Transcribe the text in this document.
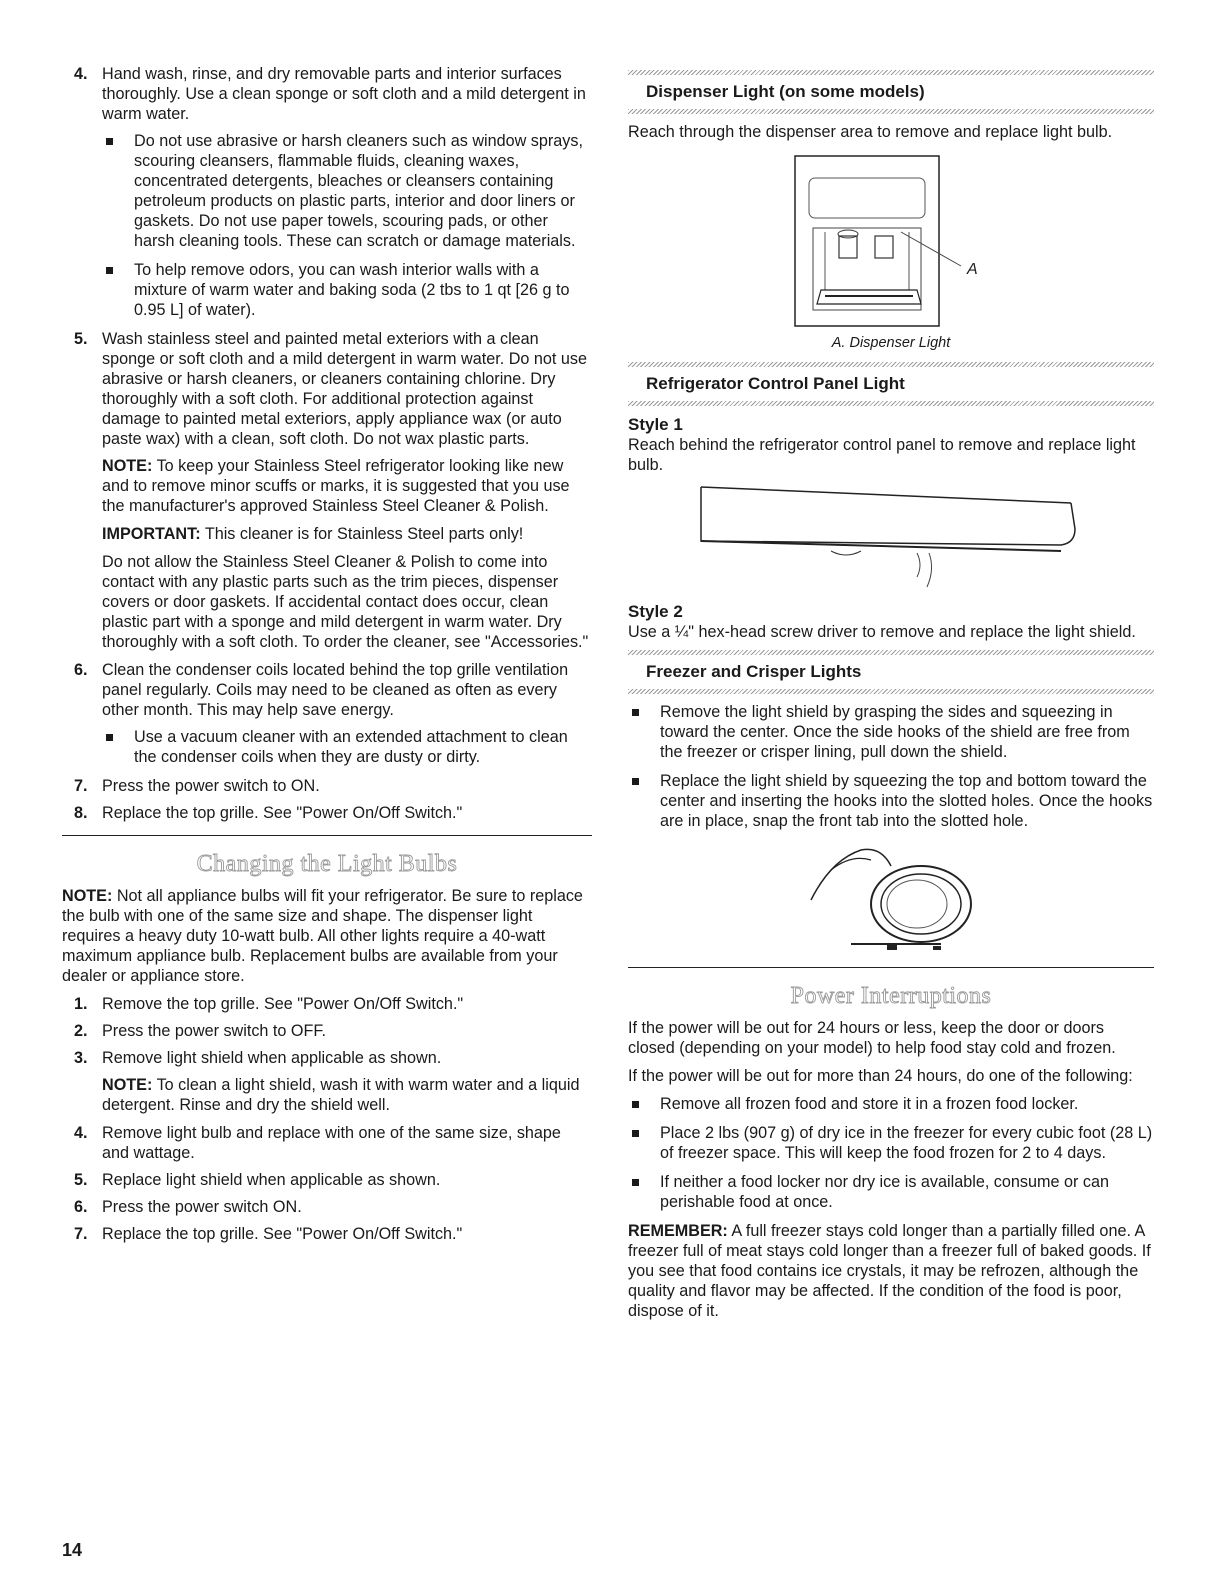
4. Hand wash, rinse, and dry removable parts and interior surfaces thoroughly. Use a clean sponge or soft cloth and a mild detergent in warm water.
Do not use abrasive or harsh cleaners such as window sprays, scouring cleansers, flammable fluids, cleaning waxes, concentrated detergents, bleaches or cleansers containing petroleum products on plastic parts, interior and door liners or gaskets. Do not use paper towels, scouring pads, or other harsh cleaning tools. These can scratch or damage materials.
To help remove odors, you can wash interior walls with a mixture of warm water and baking soda (2 tbs to 1 qt [26 g to 0.95 L] of water).
5. Wash stainless steel and painted metal exteriors with a clean sponge or soft cloth and a mild detergent in warm water. Do not use abrasive or harsh cleaners, or cleaners containing chlorine. Dry thoroughly with a soft cloth. For additional protection against damage to painted metal exteriors, apply appliance wax (or auto paste wax) with a clean, soft cloth. Do not wax plastic parts.
NOTE: To keep your Stainless Steel refrigerator looking like new and to remove minor scuffs or marks, it is suggested that you use the manufacturer's approved Stainless Steel Cleaner & Polish.
IMPORTANT: This cleaner is for Stainless Steel parts only!
Do not allow the Stainless Steel Cleaner & Polish to come into contact with any plastic parts such as the trim pieces, dispenser covers or door gaskets. If accidental contact does occur, clean plastic part with a sponge and mild detergent in warm water. Dry thoroughly with a soft cloth. To order the cleaner, see "Accessories."
6. Clean the condenser coils located behind the top grille ventilation panel regularly. Coils may need to be cleaned as often as every other month. This may help save energy.
Use a vacuum cleaner with an extended attachment to clean the condenser coils when they are dusty or dirty.
7. Press the power switch to ON.
8. Replace the top grille. See "Power On/Off Switch."
Changing the Light Bulbs
NOTE: Not all appliance bulbs will fit your refrigerator. Be sure to replace the bulb with one of the same size and shape. The dispenser light requires a heavy duty 10-watt bulb. All other lights require a 40-watt maximum appliance bulb. Replacement bulbs are available from your dealer or appliance store.
1. Remove the top grille. See "Power On/Off Switch."
2. Press the power switch to OFF.
3. Remove light shield when applicable as shown.
NOTE: To clean a light shield, wash it with warm water and a liquid detergent. Rinse and dry the shield well.
4. Remove light bulb and replace with one of the same size, shape and wattage.
5. Replace light shield when applicable as shown.
6. Press the power switch ON.
7. Replace the top grille. See "Power On/Off Switch."
Dispenser Light (on some models)
Reach through the dispenser area to remove and replace light bulb.
A
A. Dispenser Light
Refrigerator Control Panel Light
Style 1
Reach behind the refrigerator control panel to remove and replace light bulb.
Style 2
Use a ¼" hex-head screw driver to remove and replace the light shield.
Freezer and Crisper Lights
Remove the light shield by grasping the sides and squeezing in toward the center. Once the side hooks of the shield are free from the freezer or crisper lining, pull down the shield.
Replace the light shield by squeezing the top and bottom toward the center and inserting the hooks into the slotted holes. Once the hooks are in place, snap the front tab into the slotted hole.
Power Interruptions
If the power will be out for 24 hours or less, keep the door or doors closed (depending on your model) to help food stay cold and frozen.
If the power will be out for more than 24 hours, do one of the following:
Remove all frozen food and store it in a frozen food locker.
Place 2 lbs (907 g) of dry ice in the freezer for every cubic foot (28 L) of freezer space. This will keep the food frozen for 2 to 4 days.
If neither a food locker nor dry ice is available, consume or can perishable food at once.
REMEMBER: A full freezer stays cold longer than a partially filled one. A freezer full of meat stays cold longer than a freezer full of baked goods. If you see that food contains ice crystals, it may be refrozen, although the quality and flavor may be affected. If the condition of the food is poor, dispose of it.
14
